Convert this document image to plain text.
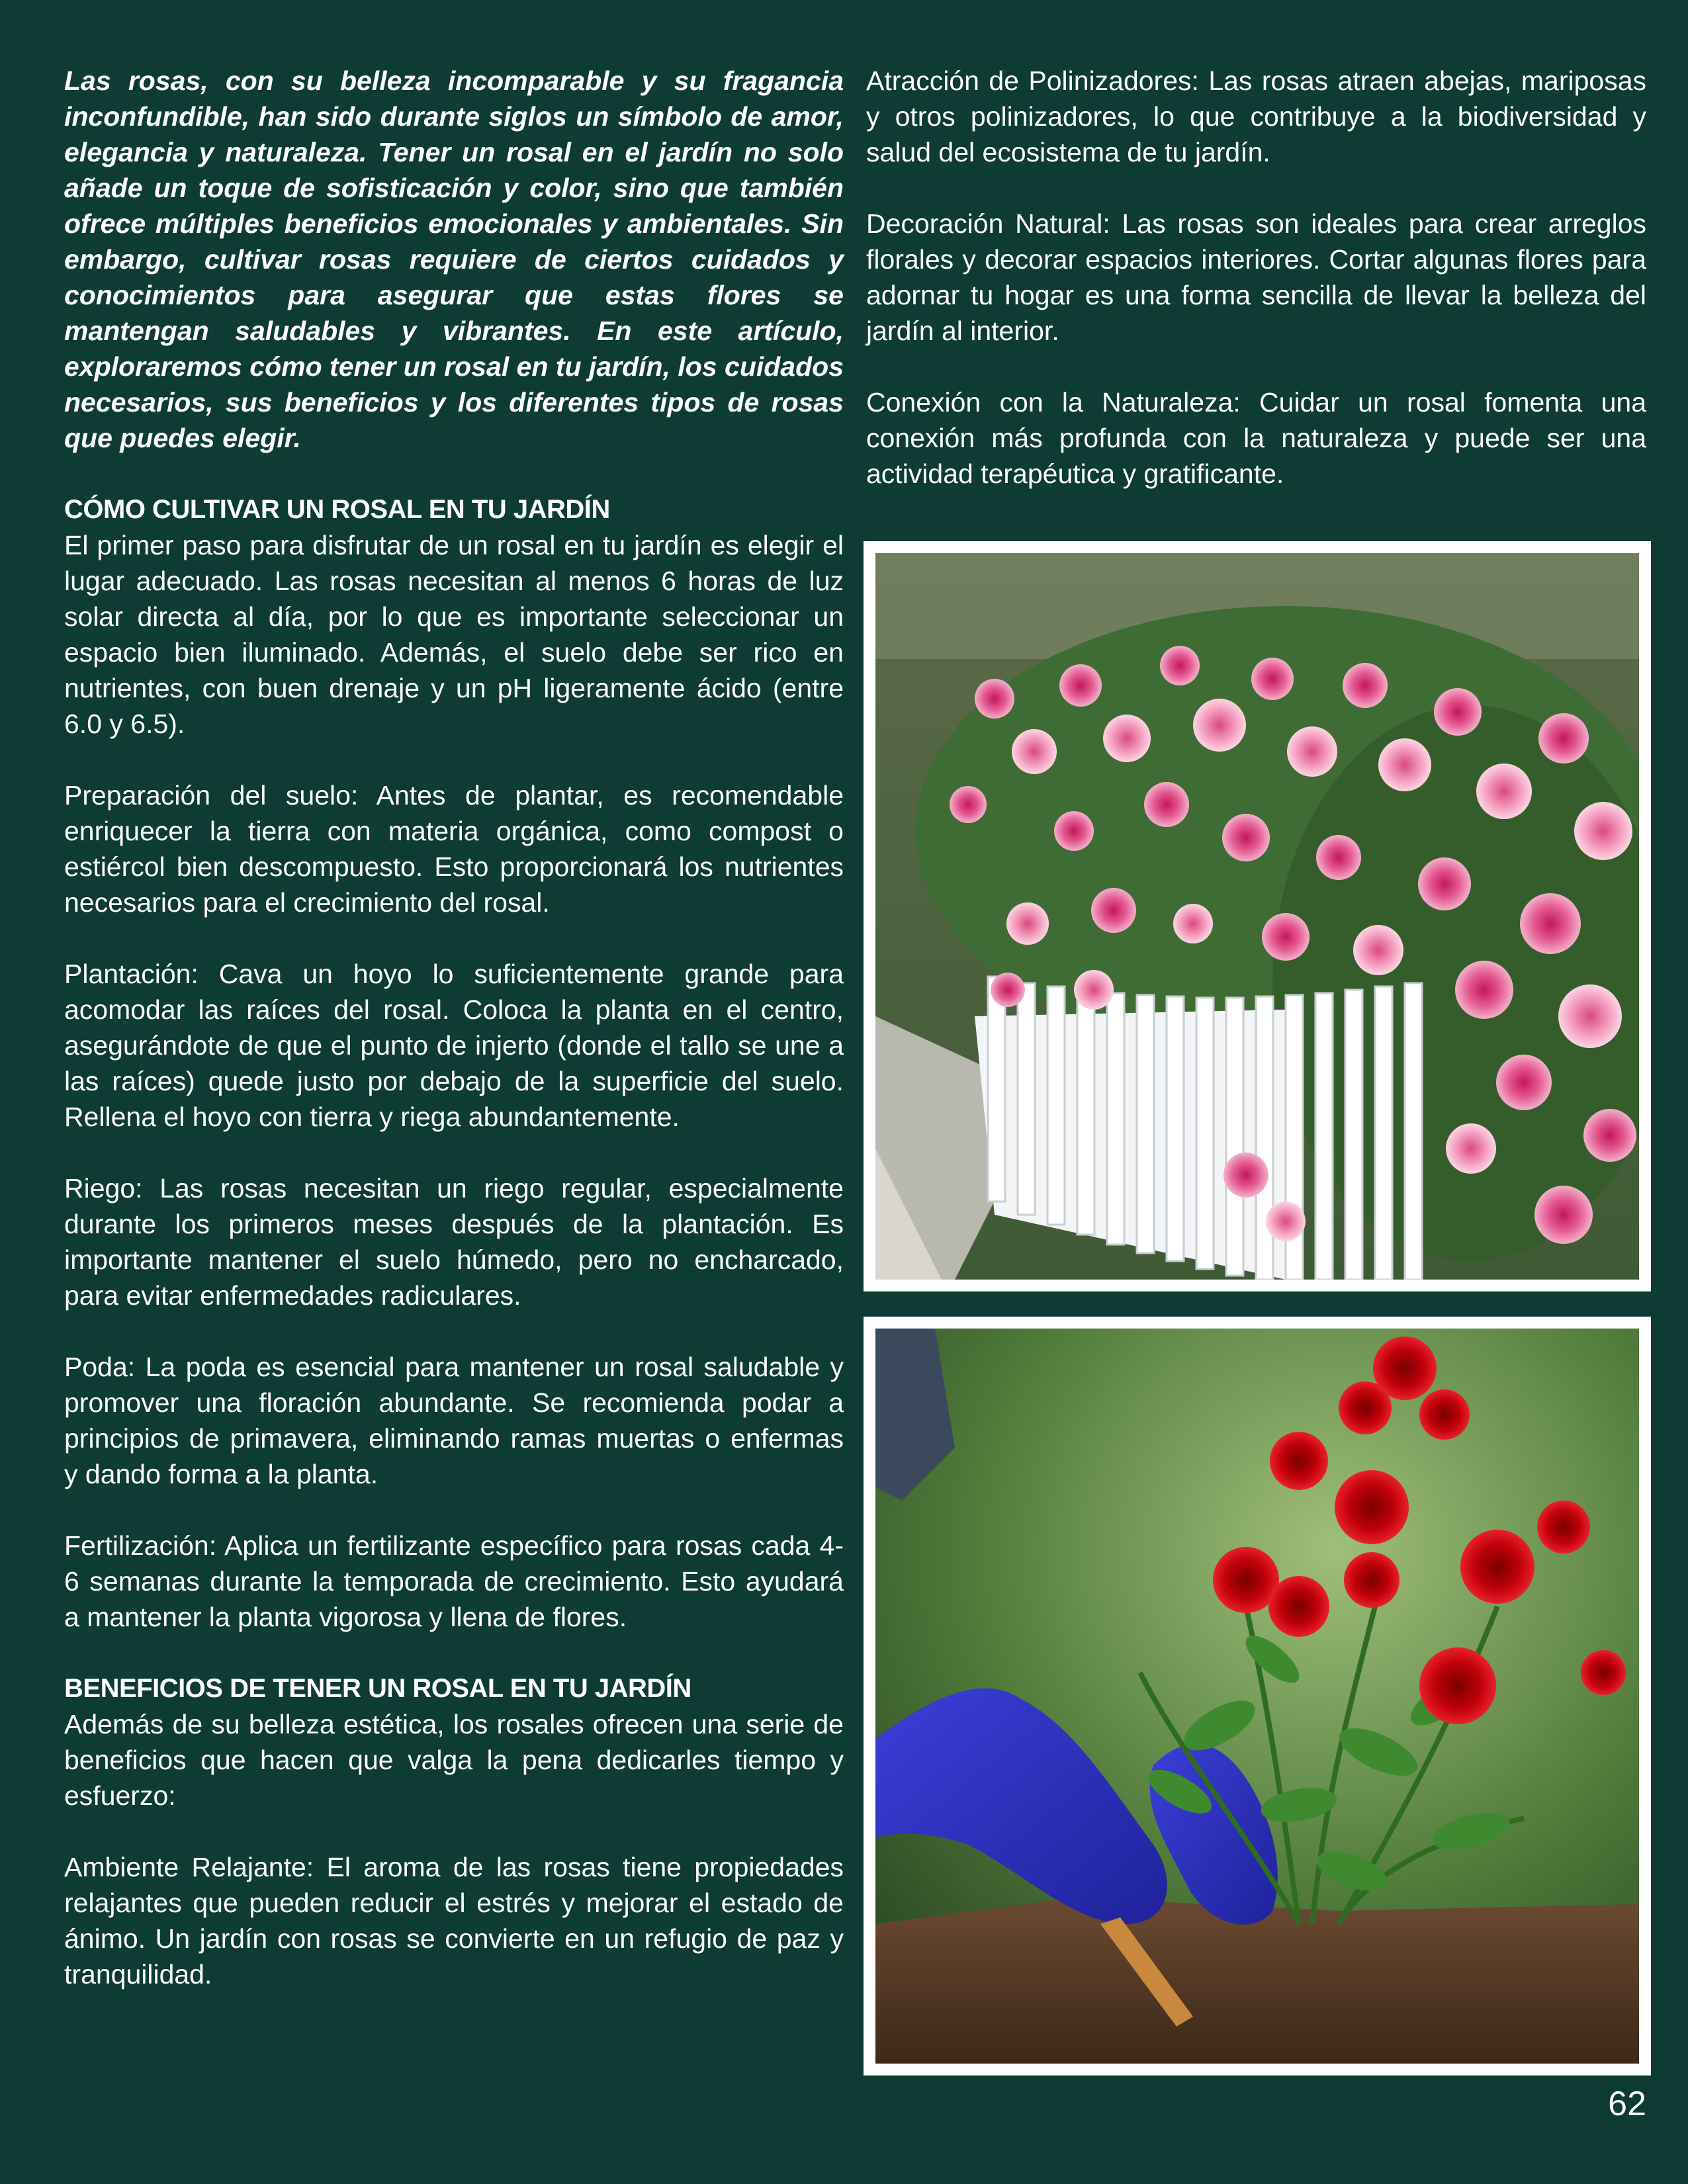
Las rosas, con su belleza incomparable y su fragancia inconfundible, han sido durante siglos un símbolo de amor, elegancia y naturaleza. Tener un rosal en el jardín no solo añade un toque de sofisticación y color, sino que también ofrece múltiples beneficios emocionales y ambientales. Sin embargo, cultivar rosas requiere de ciertos cuidados y conocimientos para asegurar que estas flores se mantengan saludables y vibrantes. En este artículo, exploraremos cómo tener un rosal en tu jardín, los cuidados necesarios, sus beneficios y los diferentes tipos de rosas que puedes elegir.

CÓMO CULTIVAR UN ROSAL EN TU JARDÍN

El primer paso para disfrutar de un rosal en tu jardín es elegir el lugar adecuado. Las rosas necesitan al menos 6 horas de luz solar directa al día, por lo que es importante seleccionar un espacio bien iluminado. Además, el suelo debe ser rico en nutrientes, con buen drenaje y un pH ligeramente ácido (entre 6.0 y 6.5).

Preparación del suelo: Antes de plantar, es recomendable enriquecer la tierra con materia orgánica, como compost o estiércol bien descompuesto. Esto proporcionará los nutrientes necesarios para el crecimiento del rosal.

Plantación: Cava un hoyo lo suficientemente grande para acomodar las raíces del rosal. Coloca la planta en el centro, asegurándote de que el punto de injerto (donde el tallo se une a las raíces) quede justo por debajo de la superficie del suelo. Rellena el hoyo con tierra y riega abundantemente.

Riego: Las rosas necesitan un riego regular, especialmente durante los primeros meses después de la plantación. Es importante mantener el suelo húmedo, pero no encharcado, para evitar enfermedades radiculares.

Poda: La poda es esencial para mantener un rosal saludable y promover una floración abundante. Se recomienda podar a principios de primavera, eliminando ramas muertas o enfermas y dando forma a la planta.

Fertilización: Aplica un fertilizante específico para rosas cada 4-6 semanas durante la temporada de crecimiento. Esto ayudará a mantener la planta vigorosa y llena de flores.

BENEFICIOS DE TENER UN ROSAL EN TU JARDÍN

Además de su belleza estética, los rosales ofrecen una serie de beneficios que hacen que valga la pena dedicarles tiempo y esfuerzo:

Ambiente Relajante: El aroma de las rosas tiene propiedades relajantes que pueden reducir el estrés y mejorar el estado de ánimo. Un jardín con rosas se convierte en un refugio de paz y tranquilidad.

Atracción de Polinizadores: Las rosas atraen abejas, mariposas y otros polinizadores, lo que contribuye a la biodiversidad y salud del ecosistema de tu jardín.

Decoración Natural: Las rosas son ideales para crear arreglos florales y decorar espacios interiores. Cortar algunas flores para adornar tu hogar es una forma sencilla de llevar la belleza del jardín al interior.

Conexión con la Naturaleza: Cuidar un rosal fomenta una conexión más profunda con la naturaleza y puede ser una actividad terapéutica y gratificante.

62
